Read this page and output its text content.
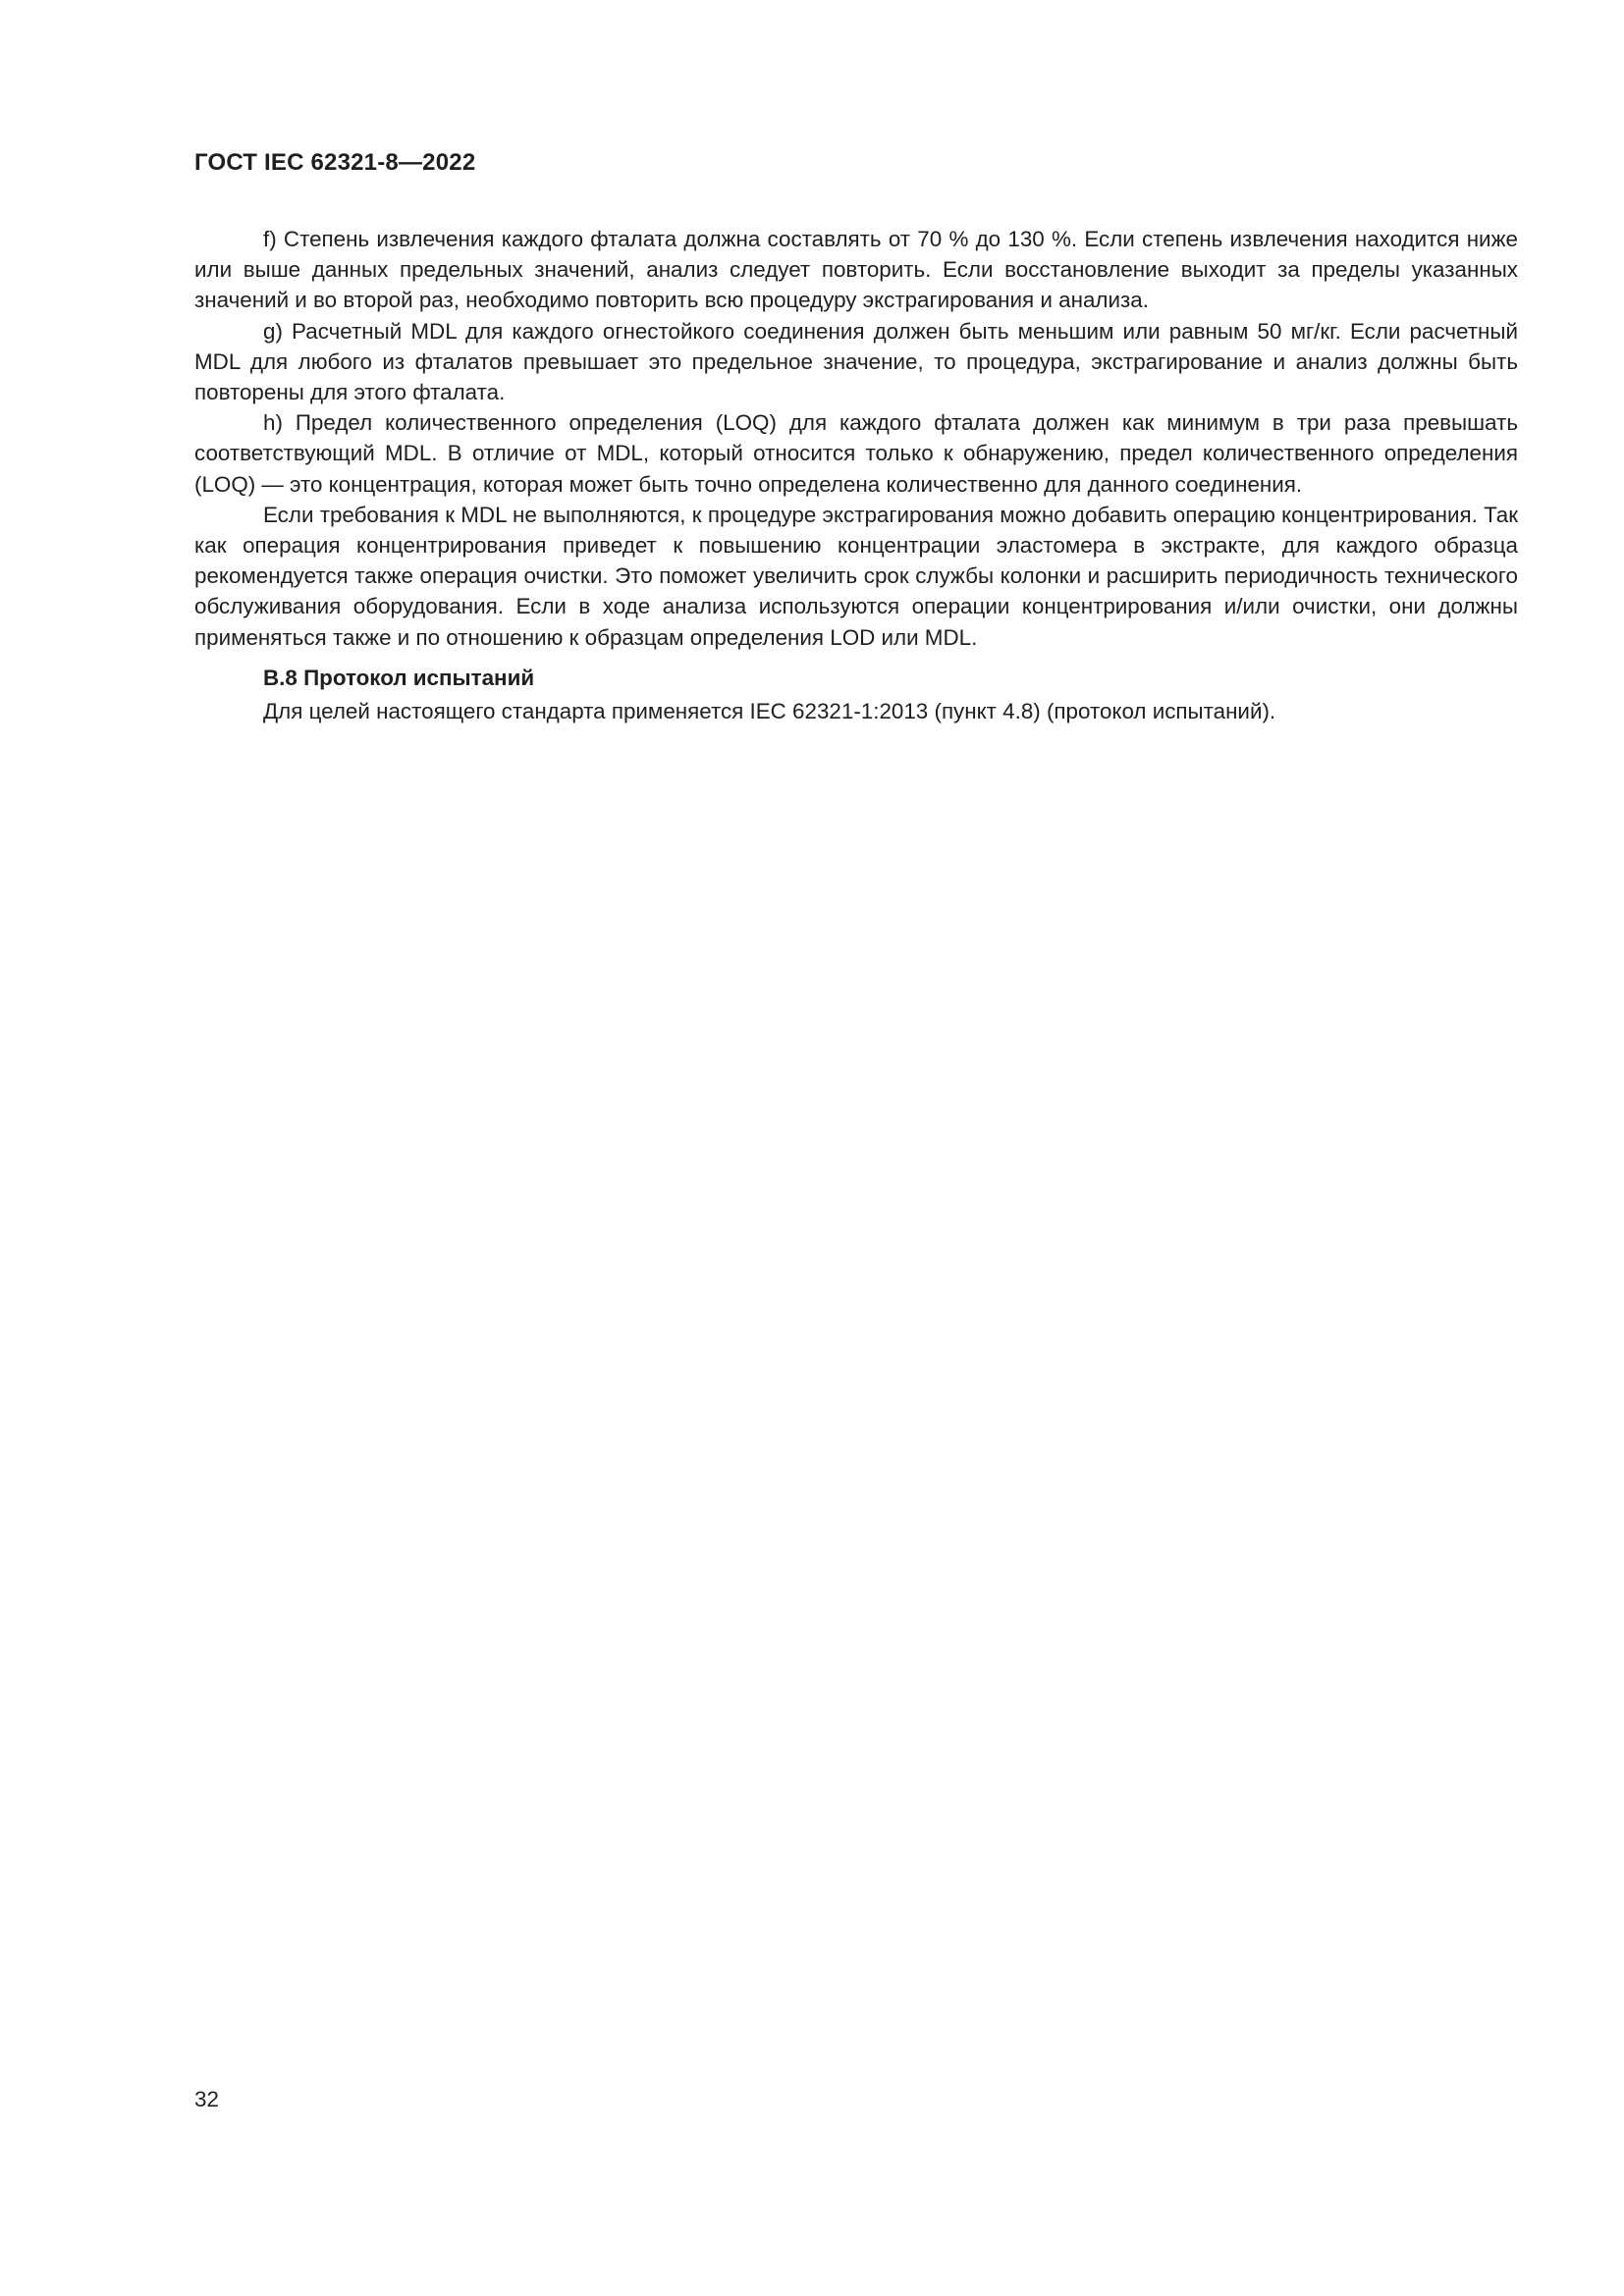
ГОСТ IEC 62321-8—2022

f) Степень извлечения каждого фталата должна составлять от 70 % до 130 %. Если степень извлечения находится ниже или выше данных предельных значений, анализ следует повторить. Если восстановление выходит за пределы указанных значений и во второй раз, необходимо повторить всю процедуру экстрагирования и анализа.

g) Расчетный MDL для каждого огнестойкого соединения должен быть меньшим или равным 50 мг/кг. Если расчетный MDL для любого из фталатов превышает это предельное значение, то процедура, экстрагирование и анализ должны быть повторены для этого фталата.

h) Предел количественного определения (LOQ) для каждого фталата должен как минимум в три раза превышать соответствующий MDL. В отличие от MDL, который относится только к обнаружению, предел количественного определения (LOQ) — это концентрация, которая может быть точно определена количественно для данного соединения.

Если требования к MDL не выполняются, к процедуре экстрагирования можно добавить операцию концентрирования. Так как операция концентрирования приведет к повышению концентрации эластомера в экстракте, для каждого образца рекомендуется также операция очистки. Это поможет увеличить срок службы колонки и расширить периодичность технического обслуживания оборудования. Если в ходе анализа используются операции концентрирования и/или очистки, они должны применяться также и по отношению к образцам определения LOD или MDL.

B.8 Протокол испытаний

Для целей настоящего стандарта применяется IEC 62321-1:2013 (пункт 4.8) (протокол испытаний).

32
